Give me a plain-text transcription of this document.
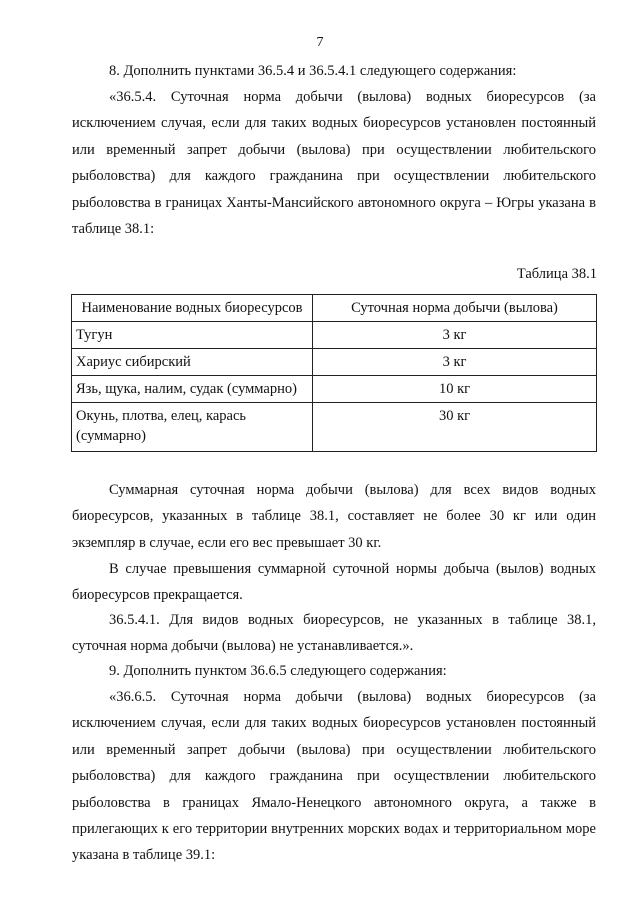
7

8. Дополнить пунктами 36.5.4 и 36.5.4.1 следующего содержания:

«36.5.4. Суточная норма добычи (вылова) водных биоресурсов (за исключением случая, если для таких водных биоресурсов установлен постоянный или временный запрет добычи (вылова) при осуществлении любительского рыболовства) для каждого гражданина при осуществлении любительского рыболовства в границах Ханты-Мансийского автономного округа – Югры указана в таблице 38.1:

Таблица 38.1
Наименование водных биоресурсов	Суточная норма добычи (вылова)
Тугун	3 кг
Хариус сибирский	3 кг
Язь, щука, налим, судак (суммарно)	10 кг
Окунь, плотва, елец, карась (суммарно)	30 кг

Суммарная суточная норма добычи (вылова) для всех видов водных биоресурсов, указанных в таблице 38.1, составляет не более 30 кг или один экземпляр в случае, если его вес превышает 30 кг.

В случае превышения суммарной суточной нормы добыча (вылов) водных биоресурсов прекращается.

36.5.4.1. Для видов водных биоресурсов, не указанных в таблице 38.1, суточная норма добычи (вылова) не устанавливается.».

9. Дополнить пунктом 36.6.5 следующего содержания:

«36.6.5. Суточная норма добычи (вылова) водных биоресурсов (за исключением случая, если для таких водных биоресурсов установлен постоянный или временный запрет добычи (вылова) при осуществлении любительского рыболовства) для каждого гражданина при осуществлении любительского рыболовства в границах Ямало-Ненецкого автономного округа, а также в прилегающих к его территории внутренних морских водах и территориальном море указана в таблице 39.1:
